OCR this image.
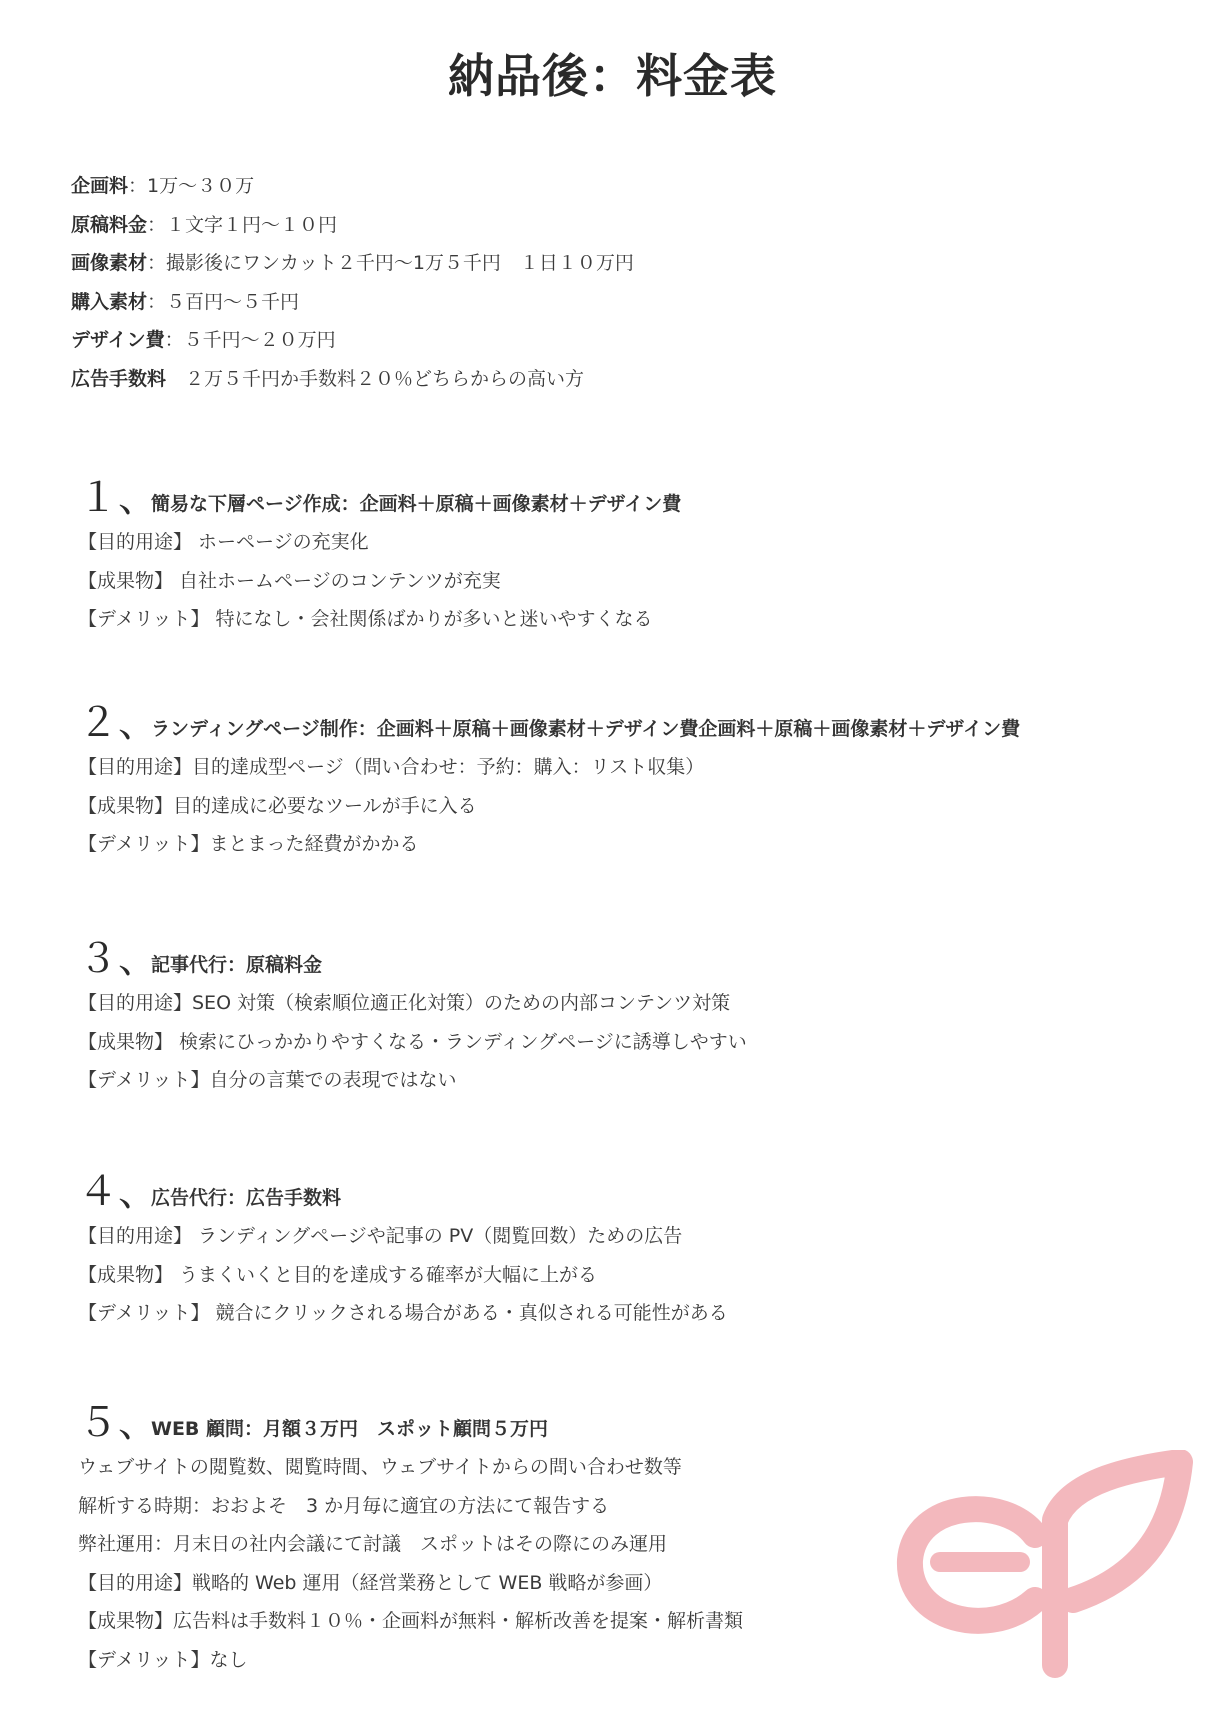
納品後：料金表
企画料：1万〜３０万
原稿料金：１文字１円〜１０円
画像素材：撮影後にワンカット２千円〜1万５千円　１日１０万円
購入素材：５百円〜５千円
デザイン費：５千円〜２０万円
広告手数料　２万５千円か手数料２０％どちらからの高い方
１、
簡易な下層ページ作成：企画料＋原稿＋画像素材＋デザイン費
【目的用途】 ホーページの充実化
【成果物】 自社ホームページのコンテンツが充実
【デメリット】 特になし・会社関係ばかりが多いと迷いやすくなる
２、
ランディングページ制作：企画料＋原稿＋画像素材＋デザイン費企画料＋原稿＋画像素材＋デザイン費
【目的用途】目的達成型ページ（問い合わせ：予約：購入：リスト収集）
【成果物】目的達成に必要なツールが手に入る
【デメリット】まとまった経費がかかる
３、
記事代行：原稿料金
【目的用途】SEO 対策（検索順位適正化対策）のための内部コンテンツ対策
【成果物】 検索にひっかかりやすくなる・ランディングページに誘導しやすい
【デメリット】自分の言葉での表現ではない
４、
広告代行：広告手数料
【目的用途】 ランディングページや記事の PV（閲覧回数）ための広告
【成果物】 うまくいくと目的を達成する確率が大幅に上がる
【デメリット】 競合にクリックされる場合がある・真似される可能性がある
５、
WEB 顧問：月額３万円　スポット顧問５万円
ウェブサイトの閲覧数、閲覧時間、ウェブサイトからの問い合わせ数等
解析する時期：おおよそ　3 か月毎に適宜の方法にて報告する
弊社運用：月末日の社内会議にて討議　スポットはその際にのみ運用
【目的用途】戦略的 Web 運用（経営業務として WEB 戦略が参画）
【成果物】広告料は手数料１０％・企画料が無料・解析改善を提案・解析書類
【デメリット】なし
